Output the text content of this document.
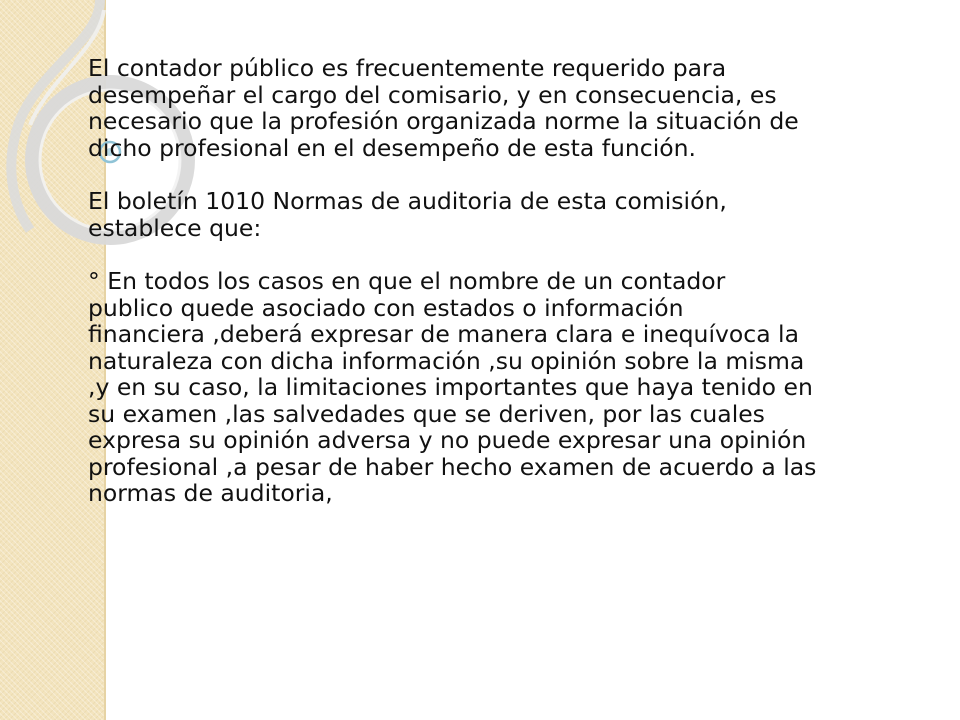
El contador público es frecuentemente requerido para
desempeñar el cargo del comisario, y en consecuencia, es
necesario que la profesión organizada norme la situación de
dicho profesional en el desempeño de esta función.

El boletín 1010 Normas de auditoria de esta comisión,
establece que:

° En todos los casos en que el nombre de un contador
publico quede asociado con estados o información
financiera ,deberá expresar de manera clara e inequívoca la
naturaleza con dicha información ,su opinión sobre la misma
,y en su caso, la limitaciones importantes que haya tenido en
su examen ,las salvedades que se deriven, por las cuales
expresa su opinión adversa y no puede expresar una opinión
profesional ,a pesar de haber hecho examen de acuerdo a las
normas de auditoria,
